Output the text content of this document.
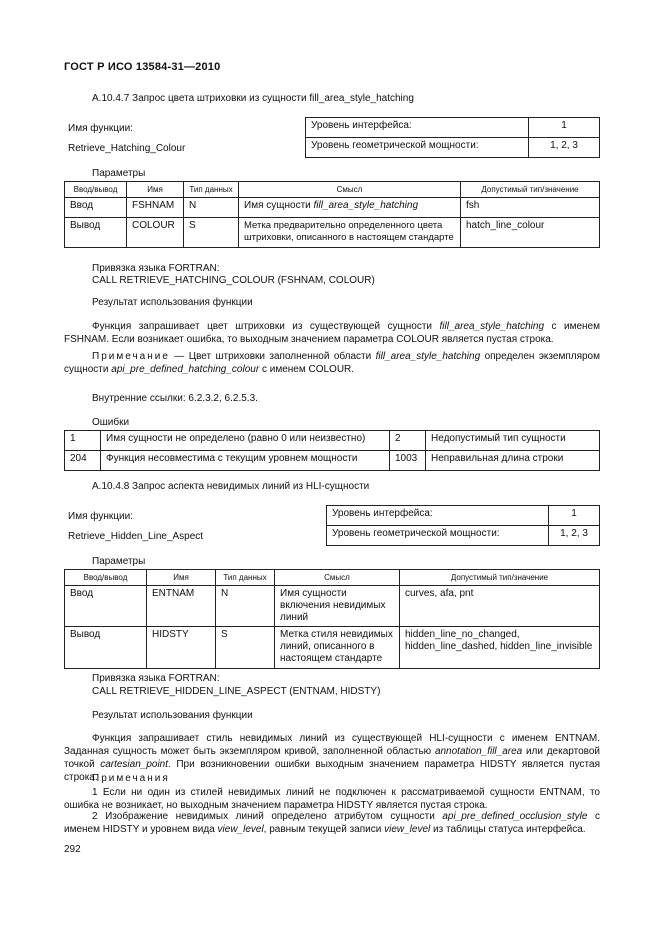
ГОСТ Р ИСО 13584-31—2010
A.10.4.7 Запрос цвета штриховки из сущности fill_area_style_hatching
Имя функции:
Retrieve_Hatching_Colour
Уровень интерфейса:	1
Уровень геометрической мощности:	1, 2, 3
Параметры
Ввод/вывод	Имя	Тип данных	Смысл	Допустимый тип/значение
Ввод	FSHNAM	N	Имя сущности fill_area_style_hatching	fsh
Вывод	COLOUR	S	Метка предварительно определенного цвета штриховки, описанного в настоящем стандарте	hatch_line_colour
Привязка языка FORTRAN:
CALL RETRIEVE_HATCHING_COLOUR (FSHNAM, COLOUR)
Результат использования функции
Функция запрашивает цвет штриховки из существующей сущности fill_area_style_hatching с именем FSHNAM. Если возникает ошибка, то выходным значением параметра COLOUR является пустая строка.
Примечание — Цвет штриховки заполненной области fill_area_style_hatching определен экземпляром сущности api_pre_defined_hatching_colour с именем COLOUR.
Внутренние ссылки: 6.2.3.2, 6.2.5.3.
Ошибки
1	Имя сущности не определено (равно 0 или неизвестно)	2	Недопустимый тип сущности
204	Функция несовместима с текущим уровнем мощности	1003	Неправильная длина строки
A.10.4.8 Запрос аспекта невидимых линий из HLI-сущности
Имя функции:
Retrieve_Hidden_Line_Aspect
Уровень интерфейса:	1
Уровень геометрической мощности:	1, 2, 3
Параметры
Ввод/вывод	Имя	Тип данных	Смысл	Допустимый тип/значение
Ввод	ENTNAM	N	Имя сущности включения невидимых линий	curves, afa, pnt
Вывод	HIDSTY	S	Метка стиля невидимых линий, описанного в настоящем стандарте	hidden_line_no_changed, hidden_line_dashed, hidden_line_invisible
Привязка языка FORTRAN:
CALL RETRIEVE_HIDDEN_LINE_ASPECT (ENTNAM, HIDSTY)
Результат использования функции
Функция запрашивает стиль невидимых линий из существующей HLI-сущности с именем ENTNAM. Заданная сущность может быть экземпляром кривой, заполненной областью annotation_fill_area или декартовой точкой cartesian_point. При возникновении ошибки выходным значением параметра HIDSTY является пустая строка.
Примечания
1 Если ни один из стилей невидимых линий не подключен к рассматриваемой сущности ENTNAM, то ошибка не возникает, но выходным значением параметра HIDSTY является пустая строка.
2 Изображение невидимых линий определено атрибутом сущности api_pre_defined_occlusion_style с именем HIDSTY и уровнем вида view_level, равным текущей записи view_level из таблицы статуса интерфейса.
292
